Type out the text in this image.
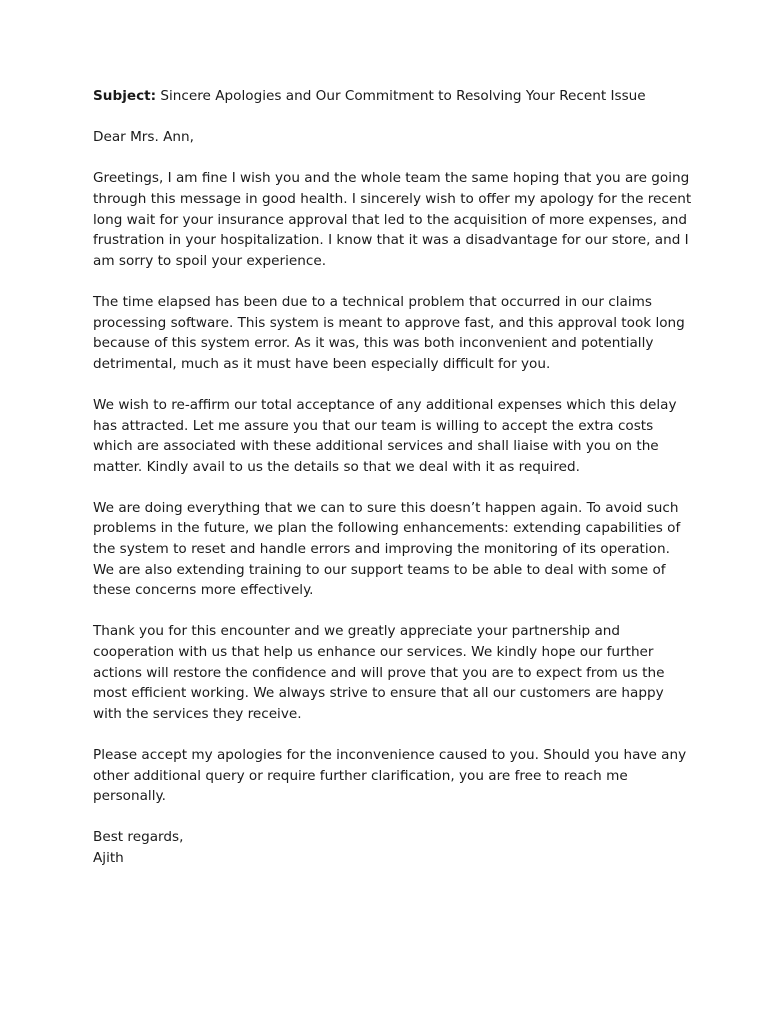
Subject: Sincere Apologies and Our Commitment to Resolving Your Recent Issue

Dear Mrs. Ann,

Greetings, I am fine I wish you and the whole team the same hoping that you are going through this message in good health. I sincerely wish to offer my apology for the recent long wait for your insurance approval that led to the acquisition of more expenses, and frustration in your hospitalization. I know that it was a disadvantage for our store, and I am sorry to spoil your experience.

The time elapsed has been due to a technical problem that occurred in our claims processing software. This system is meant to approve fast, and this approval took long because of this system error. As it was, this was both inconvenient and potentially detrimental, much as it must have been especially difficult for you.

We wish to re-affirm our total acceptance of any additional expenses which this delay has attracted. Let me assure you that our team is willing to accept the extra costs which are associated with these additional services and shall liaise with you on the matter. Kindly avail to us the details so that we deal with it as required.

We are doing everything that we can to sure this doesn’t happen again. To avoid such problems in the future, we plan the following enhancements: extending capabilities of the system to reset and handle errors and improving the monitoring of its operation. We are also extending training to our support teams to be able to deal with some of these concerns more effectively.

Thank you for this encounter and we greatly appreciate your partnership and cooperation with us that help us enhance our services. We kindly hope our further actions will restore the confidence and will prove that you are to expect from us the most efficient working. We always strive to ensure that all our customers are happy with the services they receive.

Please accept my apologies for the inconvenience caused to you. Should you have any other additional query or require further clarification, you are free to reach me personally.

Best regards,

Ajith
